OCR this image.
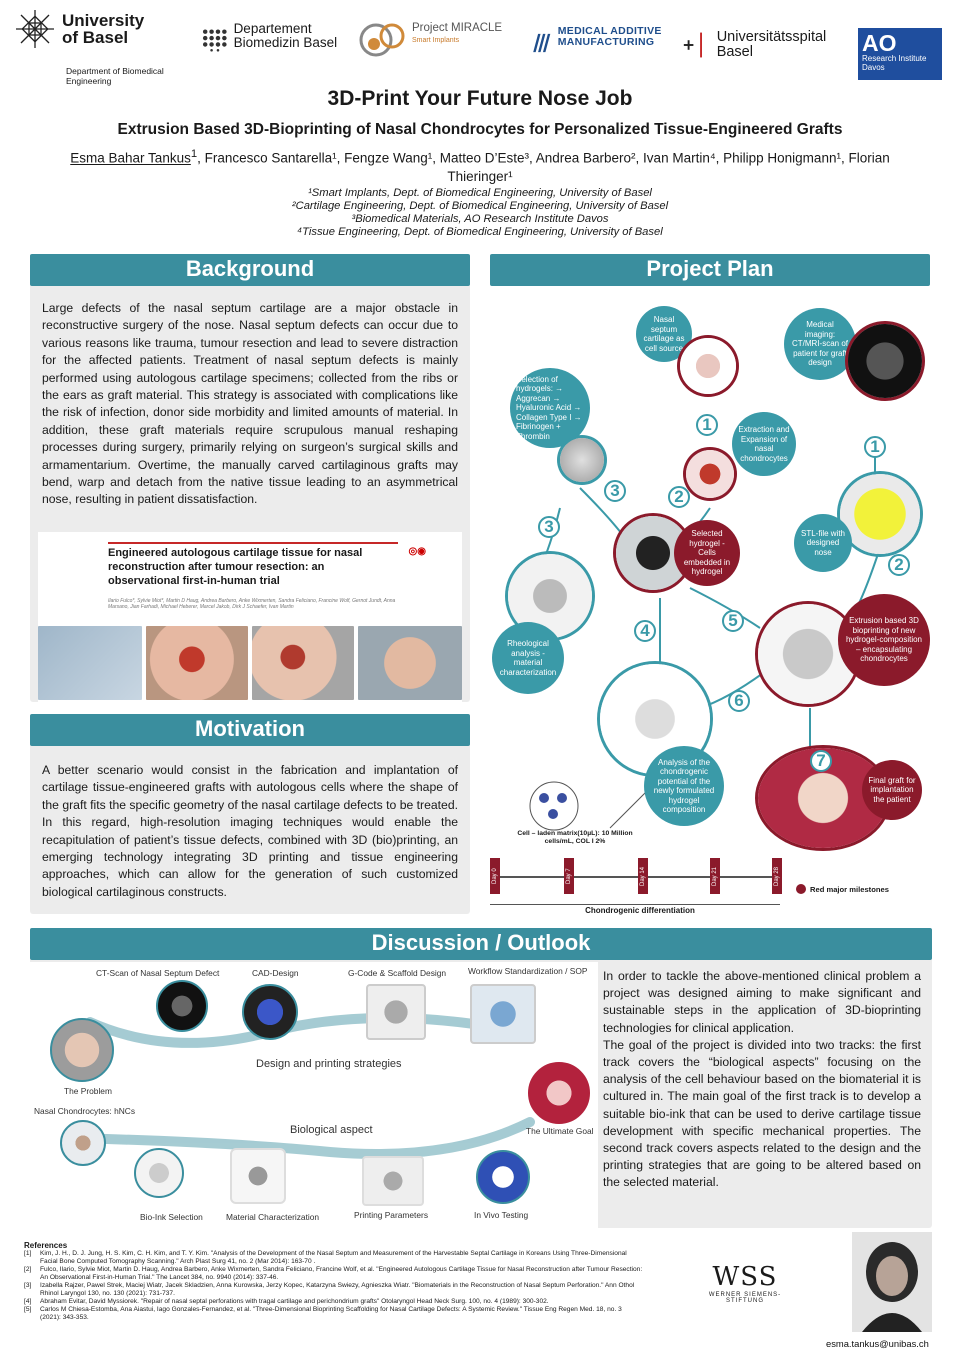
University of Basel
Department of Biomedical Engineering
Departement Biomedizin Basel
Project MIRACLE
Smart Implants
MEDICAL ADDITIVE MANUFACTURING	Universitätsspital Basel	AO
Research Institute Davos
3D-Print Your Future Nose Job
Extrusion Based 3D-Bioprinting of Nasal Chondrocytes for Personalized Tissue-Engineered Grafts
Esma Bahar Tankus$^1$, Francesco Santarella¹, Fengze Wang¹, Matteo D’Este³, Andrea Barbero², Ivan Martin⁴, Philipp Honigmann¹, Florian Thieringer¹
¹Smart Implants, Dept. of Biomedical Engineering, University of Basel
²Cartilage Engineering, Dept. of Biomedical Engineering, University of Basel
³Biomedical Materials, AO Research Institute Davos
⁴Tissue Engineering, Dept. of Biomedical Engineering, University of Basel
Background
Large defects of the nasal septum cartilage are a major obstacle in reconstructive surgery of the nose. Nasal septum defects can occur due to various reasons like trauma, tumour resection and lead to severe distraction for the affected patients. Treatment of nasal septum defects is mainly performed using autologous cartilage specimens; collected from the ribs or the ears as graft material. This strategy is associated with complications like the risk of infection, donor side morbidity and limited amounts of material. In addition, these graft materials require scrupulous manual reshaping processes during surgery, primarily relying on surgeon’s surgical skills and armamentarium. Overtime, the manually carved cartilaginous grafts may bend, warp and detach from the native tissue leading to an asymmetrical nose, resulting in patient dissatisfaction.
Engineered autologous cartilage tissue for nasal reconstruction after tumour resection: an observational first-in-human trial
◎◉
Ilario Fulco*, Sylvie Miot*, Martin D Haug, Andrea Barbero, Anke Wixmerten, Sandra Feliciano, Francine Wolf, Gernot Jundt, Anna Marsano, Jian Farhadi, Michael Heberer, Marcel Jakob, Dirk J Schaefer, Ivan Martin
Motivation
A better scenario would consist in the fabrication and implantation of cartilage tissue-engineered grafts with autologous cells where the shape of the graft fits the specific geometry of the nasal cartilage defects to be treated. In this regard, high-resolution imaging techniques would enable the recapitulation of patient’s tissue defects, combined with 3D (bio)printing, an emerging technology integrating 3D printing and tissue engineering approaches, which can allow for the generation of such customized biological cartilaginous constructs.
Project Plan
Nasal septum cartilage as cell source
Medical imaging: CT/MRI-scan of patient for graft design
Selection of hydrogels: → Aggrecan → Hyaluronic Acid → Collagen Type I → Fibrinogen + Thrombin
Extraction and Expansion of nasal chondrocytes
Selected hydrogel - Cells embedded in hydrogel
STL-file with designed nose
Rheological analysis - material characterization
Extrusion based 3D bioprinting of new hydrogel-composition – encapsulating chondrocytes
Analysis of the chondrogenic potential of the newly formulated hydrogel composition
Final graft for implantation the patient
1
1
2
2
3
3
4
5
6
7
Cell – laden matrix(10µL): 10 Million cells/mL, COL I 2%
Day 0	Day 7	Day 14	Day 21	Day 28
Chondrogenic differentiation
Red major milestones
Discussion / Outlook
CT-Scan of Nasal Septum Defect	CAD-Design	G-Code & Scaffold Design	Workflow Standardization / SOP
The Problem
Design and printing strategies
Nasal Chondrocytes: hNCs
Biological aspect	The Ultimate Goal
Bio-Ink Selection	Material Characterization	Printing Parameters	In Vivo Testing
In order to tackle the above-mentioned clinical problem a project was designed aiming to make significant and sustainable steps in the application of 3D-bioprinting technologies for clinical application.
The goal of the project is divided into two tracks: the first track covers the “biological aspects” focusing on the analysis of the cell behaviour based on the biomaterial it is cultured in. The main goal of the first track is to develop a suitable bio-ink that can be used to derive cartilage tissue development with specific mechanical properties. The second track covers aspects related to the design and the printing strategies that are going to be altered based on the selected material.
References
[1]	Kim, J. H., D. J. Jung, H. S. Kim, C. H. Kim, and T. Y. Kim. "Analysis of the Development of the Nasal Septum and Measurement of the Harvestable Septal Cartilage in Koreans Using Three-Dimensional Facial Bone Computed Tomography Scanning." Arch Plast Surg 41, no. 2 (Mar 2014): 163-70 .
[2]	Fulco, Ilario, Sylvie Miot, Martin D. Haug, Andrea Barbero, Anke Wixmerten, Sandra Feliciano, Francine Wolf, et al. "Engineered Autologous Cartilage Tissue for Nasal Reconstruction after Tumour Resection: An Observational First-in-Human Trial." The Lancet 384, no. 9940 (2014): 337-46.
[3]	Izabella Rajzer, Pawel Strek, Maciej Wiatr, Jacek Skladzien, Anna Kurowska, Jerzy Kopec, Katarzyna Swiezy, Agnieszka Wiatr. "Biomaterials in the Reconstruction of Nasal Septum Perforation." Ann Othol Rhinol Laryngol 130, no. 130 (2021): 731-737.
[4]	Abraham Evitar, David Myssiorek. "Repair of nasal septal perforations with tragal cartilage and perichondrium grafts" Otolaryngol Head Neck Surg. 100, no. 4 (1989): 300-302.
[5]	Carlos M Chiesa-Estomba, Ana Aiastui, Iago Gonzales-Fernandez, et al. "Three-Dimensional Bioprinting Scaffolding for Nasal Cartilage Defects: A Systemic Review." Tissue Eng Regen Med. 18, no. 3 (2021): 343-353.
WSS
WERNER SIEMENS-STIFTUNG
esma.tankus@unibas.ch
